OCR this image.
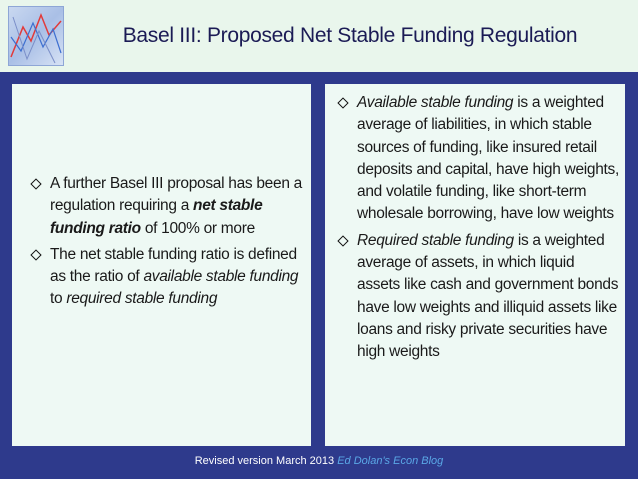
Basel III: Proposed Net Stable Funding Regulation
A further Basel III proposal has been a regulation requiring a net stable funding ratio of 100% or more
The net stable funding ratio is defined as the ratio of available stable funding to required stable funding
Available stable funding is a weighted average of liabilities, in which stable sources of funding, like insured retail deposits and capital, have high weights, and volatile funding, like short-term wholesale borrowing, have low weights
Required stable funding is a weighted average of assets, in which liquid assets like cash and government bonds have low weights and illiquid assets like loans and risky private securities have high weights
Revised version March 2013 Ed Dolan's Econ Blog
